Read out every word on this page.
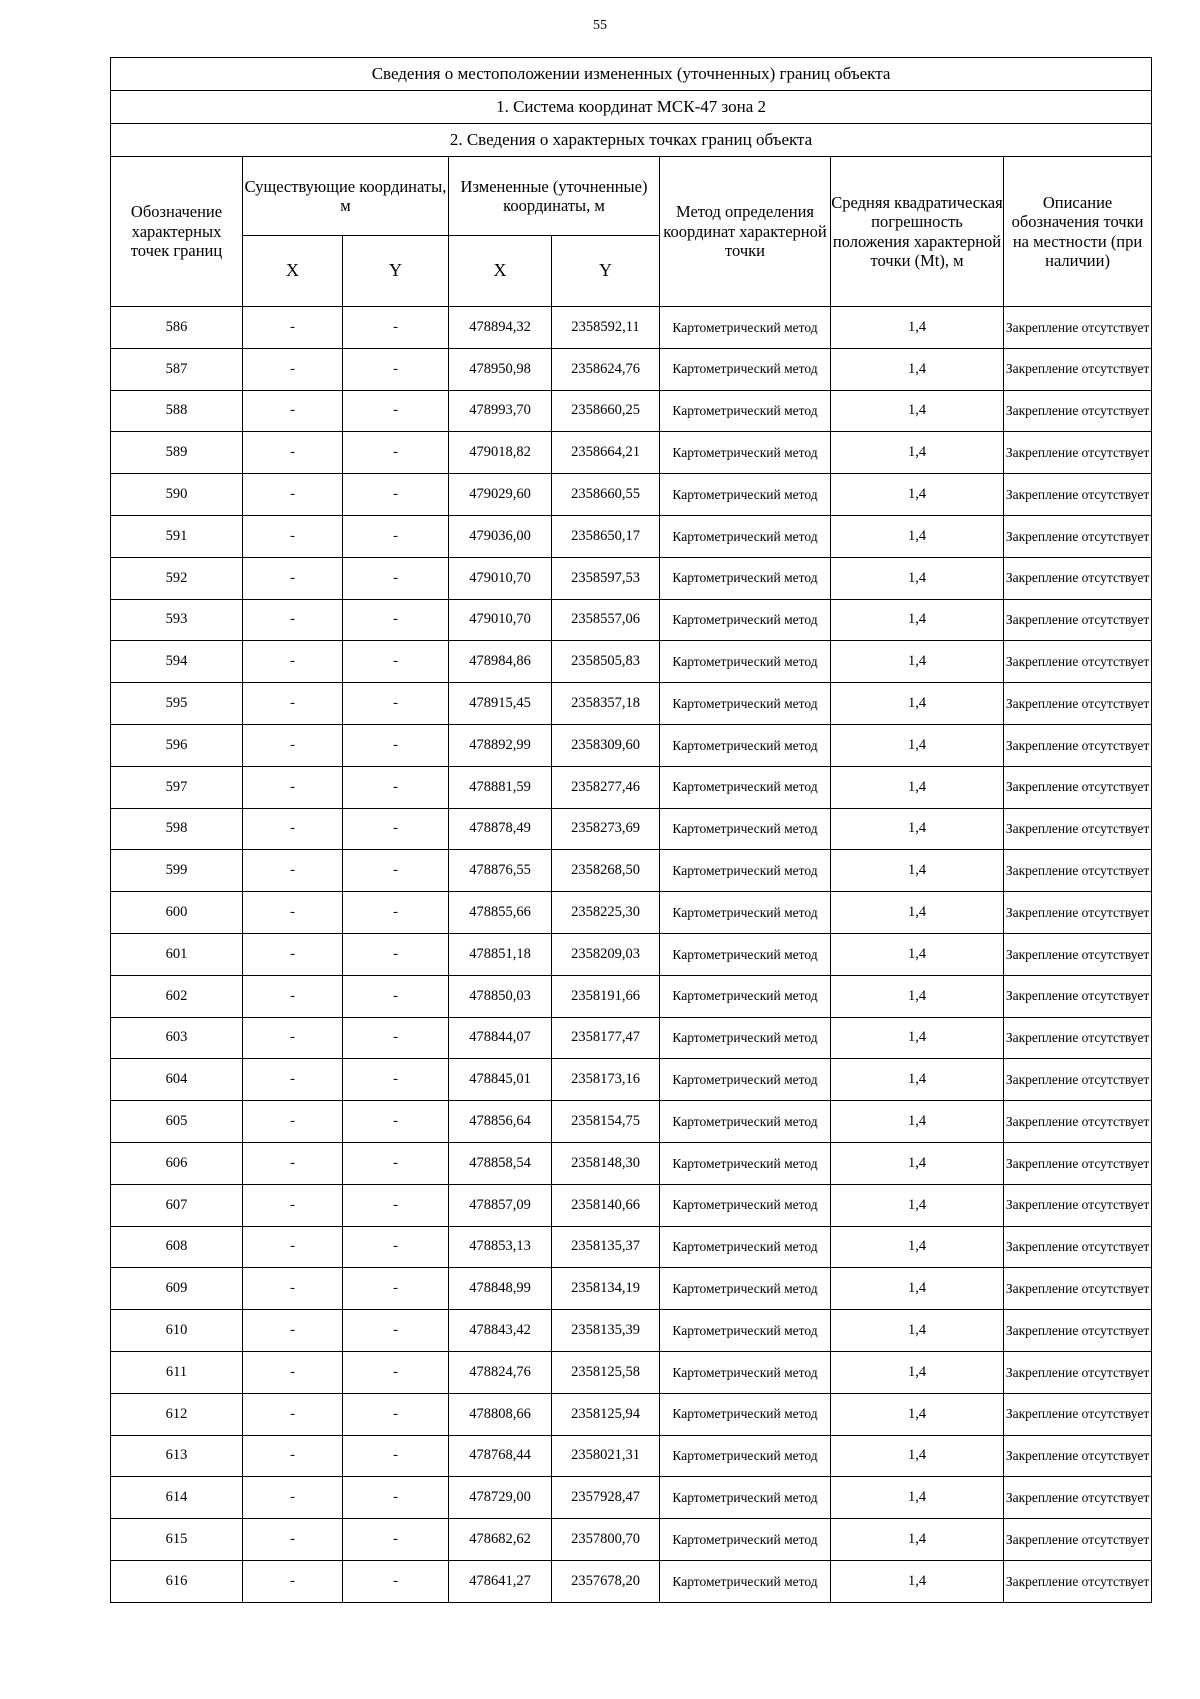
55
Сведения о местоположении измененных (уточненных) границ объекта							
1. Система координат МСК-47 зона 2							
2. Сведения о характерных точках границ объекта							
Обозначение характерных точек границ	Существующие координаты, м		Измененные (уточненные) координаты, м		Метод определения координат характерной точки	Средняя квадратическая погрешность положения характерной точки (Mt), м	Описание обозначения точки на местности (при наличии)
	X	Y	X	Y			
586	-	-	478894,32	2358592,11	Картометрический метод	1,4	Закрепление отсутствует
587	-	-	478950,98	2358624,76	Картометрический метод	1,4	Закрепление отсутствует
588	-	-	478993,70	2358660,25	Картометрический метод	1,4	Закрепление отсутствует
589	-	-	479018,82	2358664,21	Картометрический метод	1,4	Закрепление отсутствует
590	-	-	479029,60	2358660,55	Картометрический метод	1,4	Закрепление отсутствует
591	-	-	479036,00	2358650,17	Картометрический метод	1,4	Закрепление отсутствует
592	-	-	479010,70	2358597,53	Картометрический метод	1,4	Закрепление отсутствует
593	-	-	479010,70	2358557,06	Картометрический метод	1,4	Закрепление отсутствует
594	-	-	478984,86	2358505,83	Картометрический метод	1,4	Закрепление отсутствует
595	-	-	478915,45	2358357,18	Картометрический метод	1,4	Закрепление отсутствует
596	-	-	478892,99	2358309,60	Картометрический метод	1,4	Закрепление отсутствует
597	-	-	478881,59	2358277,46	Картометрический метод	1,4	Закрепление отсутствует
598	-	-	478878,49	2358273,69	Картометрический метод	1,4	Закрепление отсутствует
599	-	-	478876,55	2358268,50	Картометрический метод	1,4	Закрепление отсутствует
600	-	-	478855,66	2358225,30	Картометрический метод	1,4	Закрепление отсутствует
601	-	-	478851,18	2358209,03	Картометрический метод	1,4	Закрепление отсутствует
602	-	-	478850,03	2358191,66	Картометрический метод	1,4	Закрепление отсутствует
603	-	-	478844,07	2358177,47	Картометрический метод	1,4	Закрепление отсутствует
604	-	-	478845,01	2358173,16	Картометрический метод	1,4	Закрепление отсутствует
605	-	-	478856,64	2358154,75	Картометрический метод	1,4	Закрепление отсутствует
606	-	-	478858,54	2358148,30	Картометрический метод	1,4	Закрепление отсутствует
607	-	-	478857,09	2358140,66	Картометрический метод	1,4	Закрепление отсутствует
608	-	-	478853,13	2358135,37	Картометрический метод	1,4	Закрепление отсутствует
609	-	-	478848,99	2358134,19	Картометрический метод	1,4	Закрепление отсутствует
610	-	-	478843,42	2358135,39	Картометрический метод	1,4	Закрепление отсутствует
611	-	-	478824,76	2358125,58	Картометрический метод	1,4	Закрепление отсутствует
612	-	-	478808,66	2358125,94	Картометрический метод	1,4	Закрепление отсутствует
613	-	-	478768,44	2358021,31	Картометрический метод	1,4	Закрепление отсутствует
614	-	-	478729,00	2357928,47	Картометрический метод	1,4	Закрепление отсутствует
615	-	-	478682,62	2357800,70	Картометрический метод	1,4	Закрепление отсутствует
616	-	-	478641,27	2357678,20	Картометрический метод	1,4	Закрепление отсутствует
